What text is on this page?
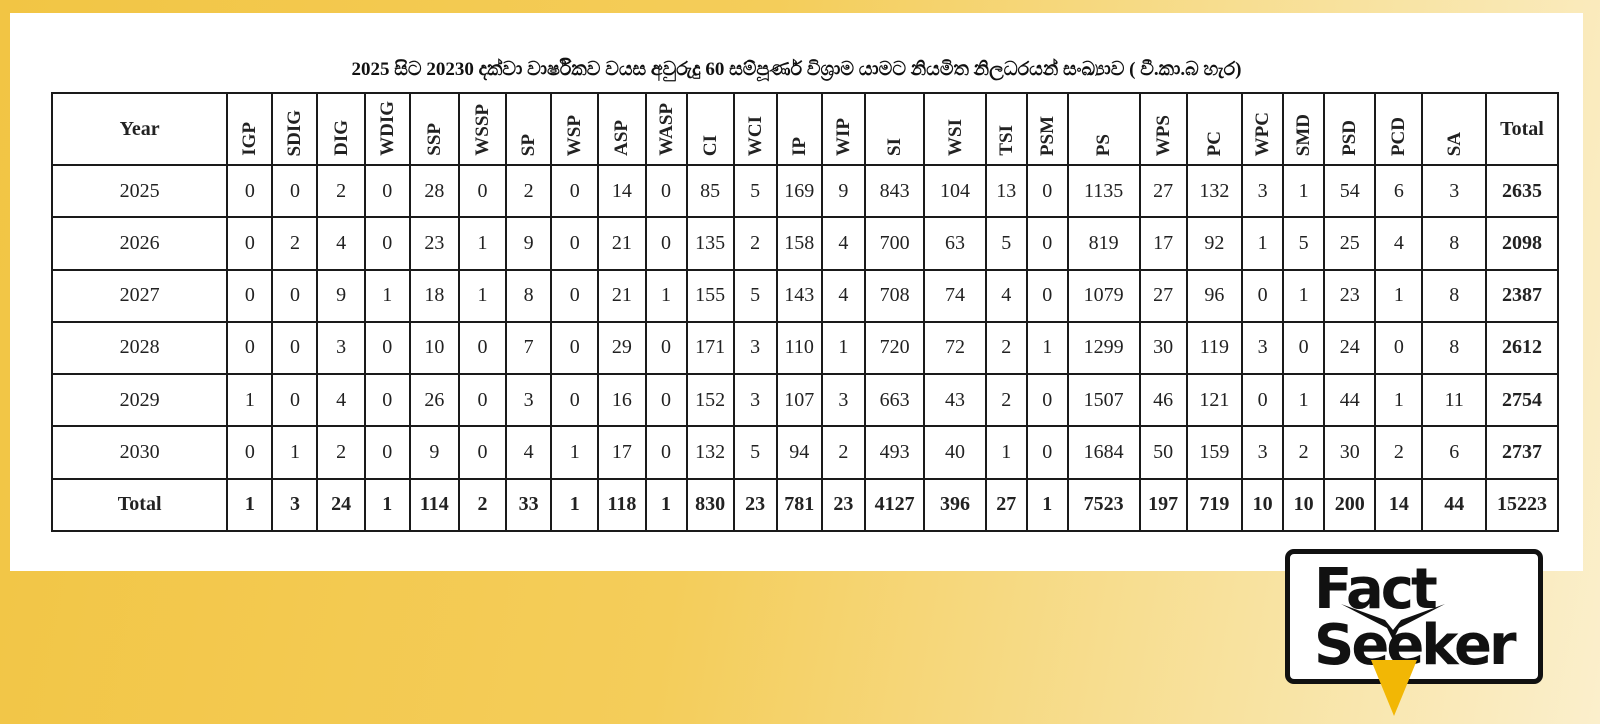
2025 සිට 20230 දක්වා වාර්ෂිකව වයස අවුරුදු 60 සම්පූර්ණ විශ්‍රාම යාමට නියමිත නිලධරයන් සංඛ්‍යාව ( වී.කා.බ හැර)
Year	IGP	SDIG	DIG	WDIG	SSP	WSSP	SP	WSP	ASP	WASP	CI	WCI	IP	WIP	SI	WSI	TSI	PSM	PS	WPS	PC	WPC	SMD	PSD	PCD	SA	Total
2025	0	0	2	0	28	0	2	0	14	0	85	5	169	9	843	104	13	0	1135	27	132	3	1	54	6	3	2635
2026	0	2	4	0	23	1	9	0	21	0	135	2	158	4	700	63	5	0	819	17	92	1	5	25	4	8	2098
2027	0	0	9	1	18	1	8	0	21	1	155	5	143	4	708	74	4	0	1079	27	96	0	1	23	1	8	2387
2028	0	0	3	0	10	0	7	0	29	0	171	3	110	1	720	72	2	1	1299	30	119	3	0	24	0	8	2612
2029	1	0	4	0	26	0	3	0	16	0	152	3	107	3	663	43	2	0	1507	46	121	0	1	44	1	11	2754
2030	0	1	2	0	9	0	4	1	17	0	132	5	94	2	493	40	1	0	1684	50	159	3	2	30	2	6	2737
Total	1	3	24	1	114	2	33	1	118	1	830	23	781	23	4127	396	27	1	7523	197	719	10	10	200	14	44	15223
Fact
Seeker
